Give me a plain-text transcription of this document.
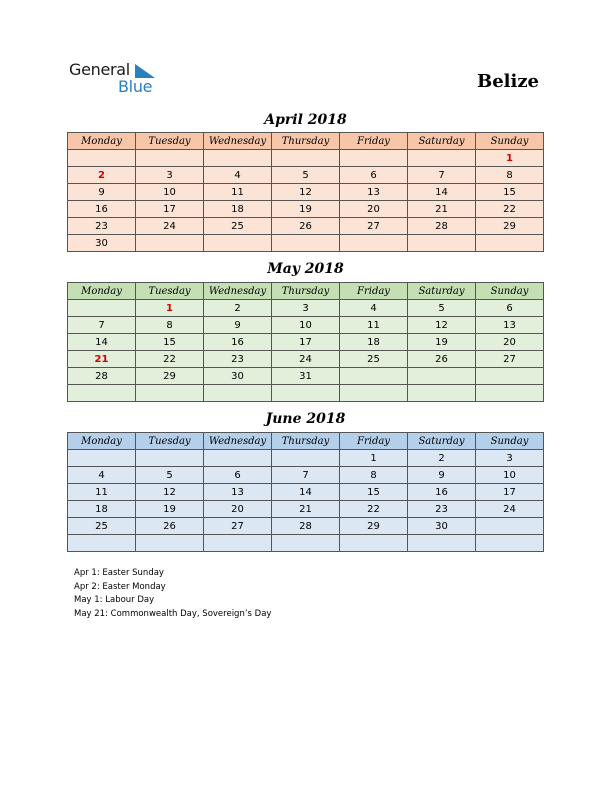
General
Blue	Belize
April 2018
Monday	Tuesday	Wednesday	Thursday	Friday	Saturday	Sunday
						1
2	3	4	5	6	7	8
9	10	11	12	13	14	15
16	17	18	19	20	21	22
23	24	25	26	27	28	29
30						
May 2018
Monday	Tuesday	Wednesday	Thursday	Friday	Saturday	Sunday
	1	2	3	4	5	6
7	8	9	10	11	12	13
14	15	16	17	18	19	20
21	22	23	24	25	26	27
28	29	30	31			

June 2018
Monday	Tuesday	Wednesday	Thursday	Friday	Saturday	Sunday
				1	2	3
4	5	6	7	8	9	10
11	12	13	14	15	16	17
18	19	20	21	22	23	24
25	26	27	28	29	30	

Apr 1: Easter Sunday
Apr 2: Easter Monday
May 1: Labour Day
May 21: Commonwealth Day, Sovereign’s Day
